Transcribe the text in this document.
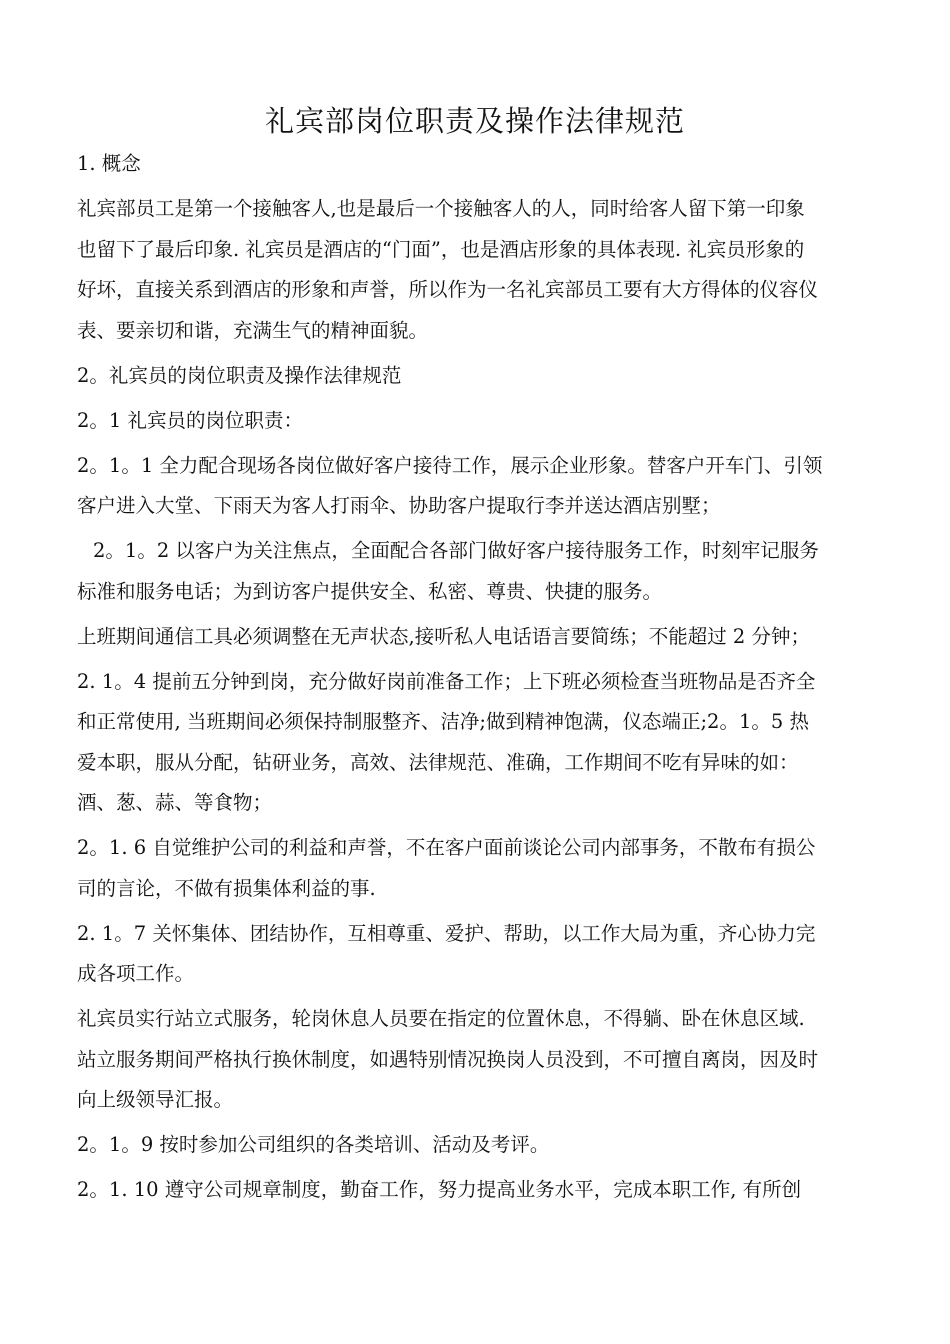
礼宾部岗位职责及操作法律规范

1. 概念

礼宾部员工是第一个接触客人,也是最后一个接触客人的人，同时给客人留下第一印象

也留下了最后印象. 礼宾员是酒店的“门面”，也是酒店形象的具体表现. 礼宾员形象的

好坏，直接关系到酒店的形象和声誉，所以作为一名礼宾部员工要有大方得体的仪容仪

表、要亲切和谐，充满生气的精神面貌。

2。礼宾员的岗位职责及操作法律规范

2。1 礼宾员的岗位职责：

2。1。1 全力配合现场各岗位做好客户接待工作，展示企业形象。替客户开车门、引领

客户进入大堂、下雨天为客人打雨伞、协助客户提取行李并送达酒店别墅；

2。1。2 以客户为关注焦点，全面配合各部门做好客户接待服务工作，时刻牢记服务

标准和服务电话；为到访客户提供安全、私密、尊贵、快捷的服务。

上班期间通信工具必须调整在无声状态,接听私人电话语言要简练；不能超过 2 分钟；

2. 1。4 提前五分钟到岗，充分做好岗前准备工作；上下班必须检查当班物品是否齐全

和正常使用, 当班期间必须保持制服整齐、洁净;做到精神饱满，仪态端正;2。1。5 热

爱本职，服从分配，钻研业务，高效、法律规范、准确，工作期间不吃有异味的如：

酒、葱、蒜、等食物；

2。1. 6 自觉维护公司的利益和声誉，不在客户面前谈论公司内部事务，不散布有损公

司的言论，不做有损集体利益的事.

2. 1。7 关怀集体、团结协作，互相尊重、爱护、帮助，以工作大局为重，齐心协力完

成各项工作。

礼宾员实行站立式服务，轮岗休息人员要在指定的位置休息，不得躺、卧在休息区域.

站立服务期间严格执行换休制度，如遇特别情况换岗人员没到，不可擅自离岗，因及时

向上级领导汇报。

2。1。9 按时参加公司组织的各类培训、活动及考评。

2。1. 10 遵守公司规章制度，勤奋工作，努力提高业务水平，完成本职工作, 有所创
